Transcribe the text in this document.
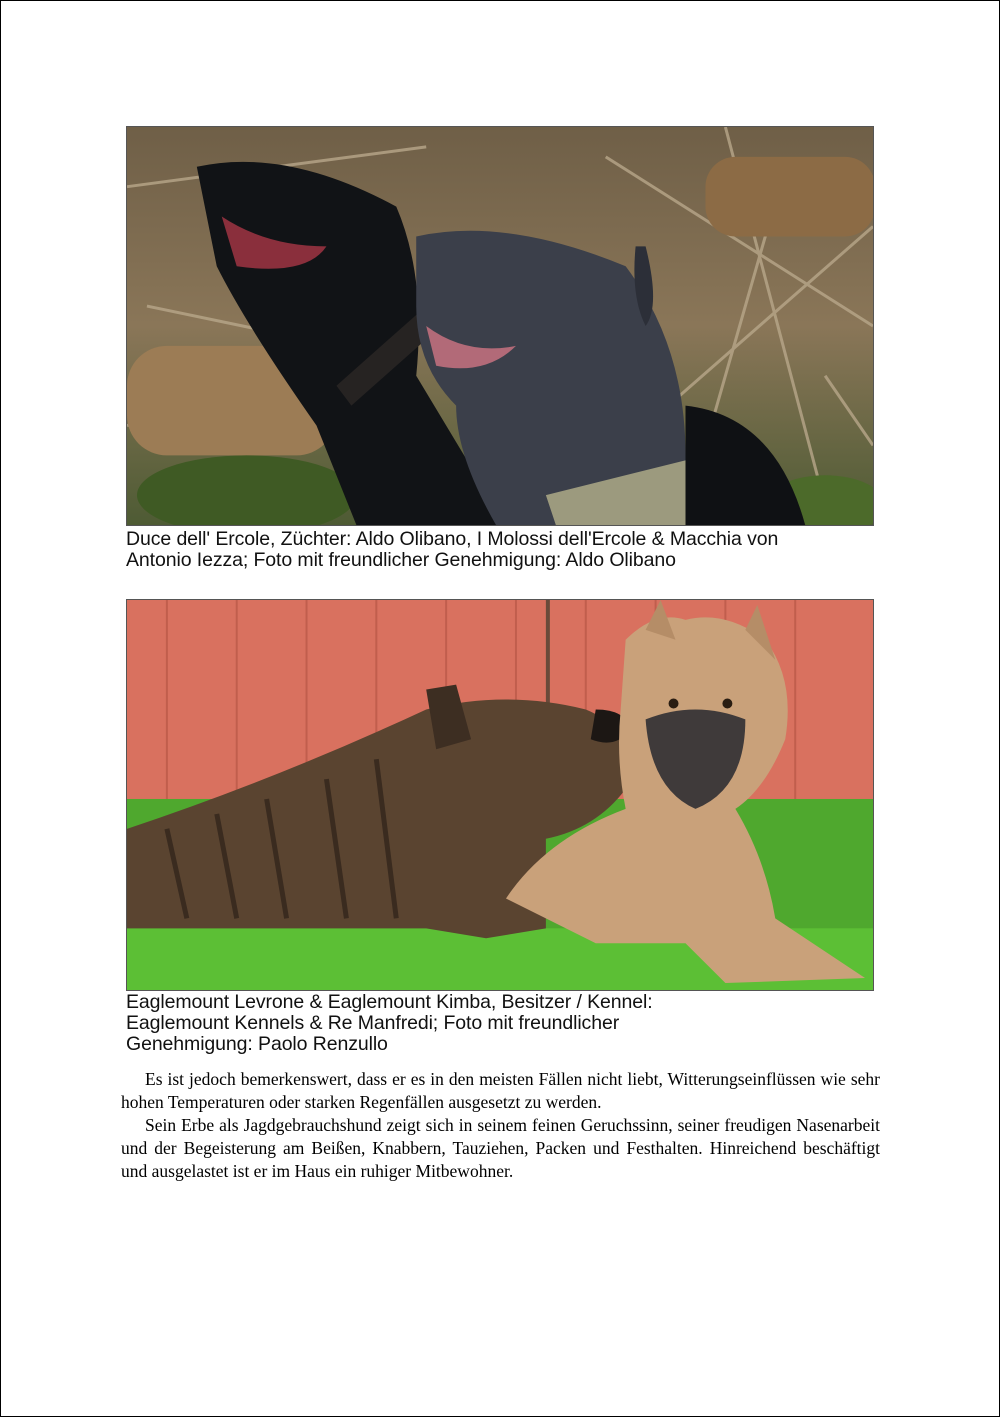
Duce dell' Ercole, Züchter: Aldo Olibano, I Molossi dell'Ercole & Macchia von
Antonio Iezza; Foto mit freundlicher Genehmigung: Aldo Olibano

Eaglemount Levrone & Eaglemount Kimba, Besitzer / Kennel:
Eaglemount Kennels & Re Manfredi; Foto mit freundlicher
Genehmigung: Paolo Renzullo

Es ist jedoch bemerkenswert, dass er es in den meisten Fällen nicht liebt, Witterungseinflüssen wie sehr hohen Temperaturen oder starken Regenfällen ausgesetzt zu werden.

Sein Erbe als Jagdgebrauchshund zeigt sich in seinem feinen Geruchssinn, seiner freudigen Nasenarbeit und der Begeisterung am Beißen, Knabbern, Tauziehen, Packen und Festhalten. Hinreichend beschäftigt und ausgelastet ist er im Haus ein ruhiger Mitbewohner.
